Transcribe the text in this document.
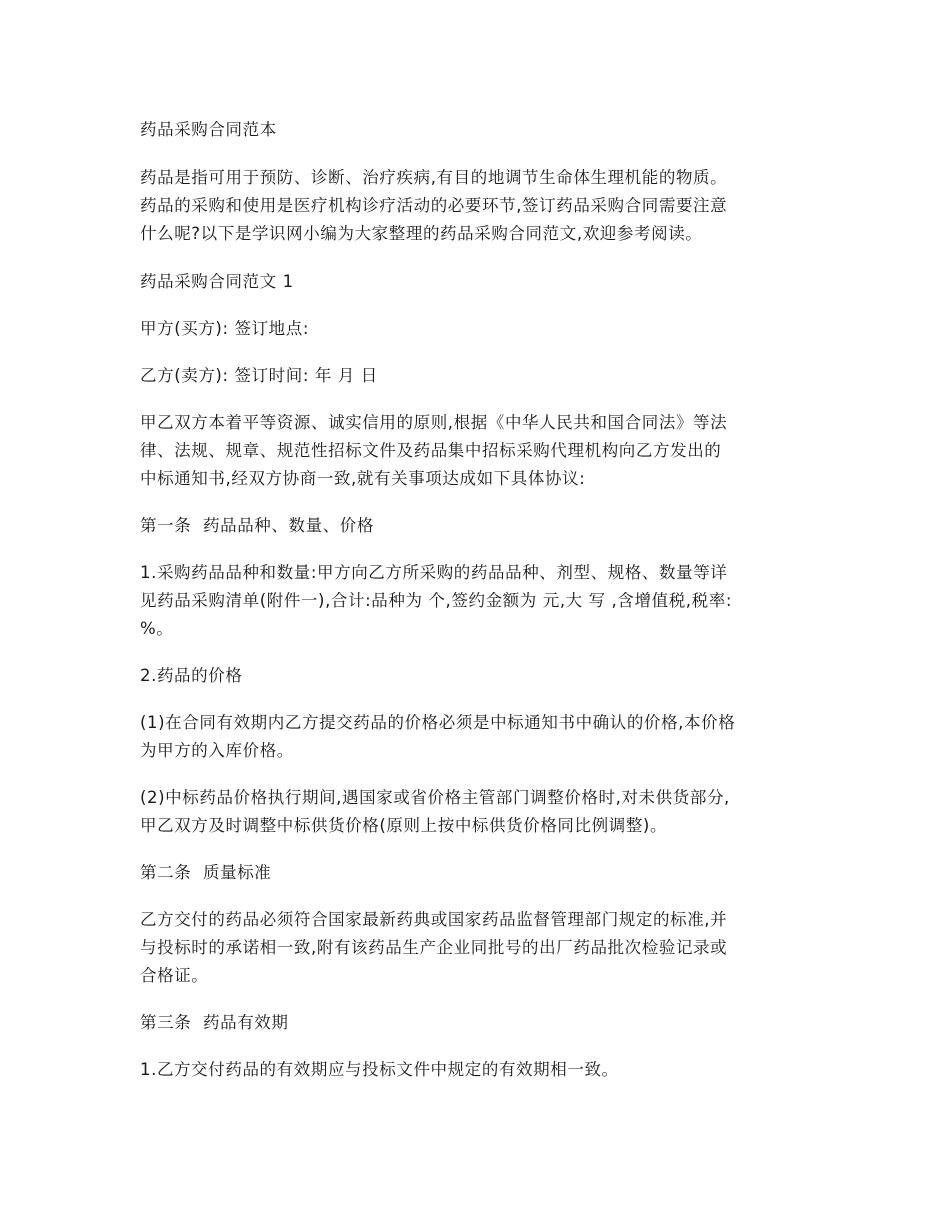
药品采购合同范本

药品是指可用于预防、诊断、治疗疾病,有目的地调节生命体生理机能的物质。
药品的采购和使用是医疗机构诊疗活动的必要环节,签订药品采购合同需要注意
什么呢?以下是学识网小编为大家整理的药品采购合同范文,欢迎参考阅读。

药品采购合同范文 1

甲方(买方): 签订地点:

乙方(卖方): 签订时间: 年 月 日

甲乙双方本着平等资源、诚实信用的原则,根据《中华人民共和国合同法》等法
律、法规、规章、规范性招标文件及药品集中招标采购代理机构向乙方发出的
中标通知书,经双方协商一致,就有关事项达成如下具体协议:

第一条  药品品种、数量、价格

1.采购药品品种和数量:甲方向乙方所采购的药品品种、剂型、规格、数量等详
见药品采购清单(附件一),合计:品种为 个,签约金额为 元,大 写 ,含增值税,税率:
%。

2.药品的价格

(1)在合同有效期内乙方提交药品的价格必须是中标通知书中确认的价格,本价格
为甲方的入库价格。

(2)中标药品价格执行期间,遇国家或省价格主管部门调整价格时,对未供货部分,
甲乙双方及时调整中标供货价格(原则上按中标供货价格同比例调整)。

第二条  质量标准

乙方交付的药品必须符合国家最新药典或国家药品监督管理部门规定的标准,并
与投标时的承诺相一致,附有该药品生产企业同批号的出厂药品批次检验记录或
合格证。

第三条  药品有效期

1.乙方交付药品的有效期应与投标文件中规定的有效期相一致。
